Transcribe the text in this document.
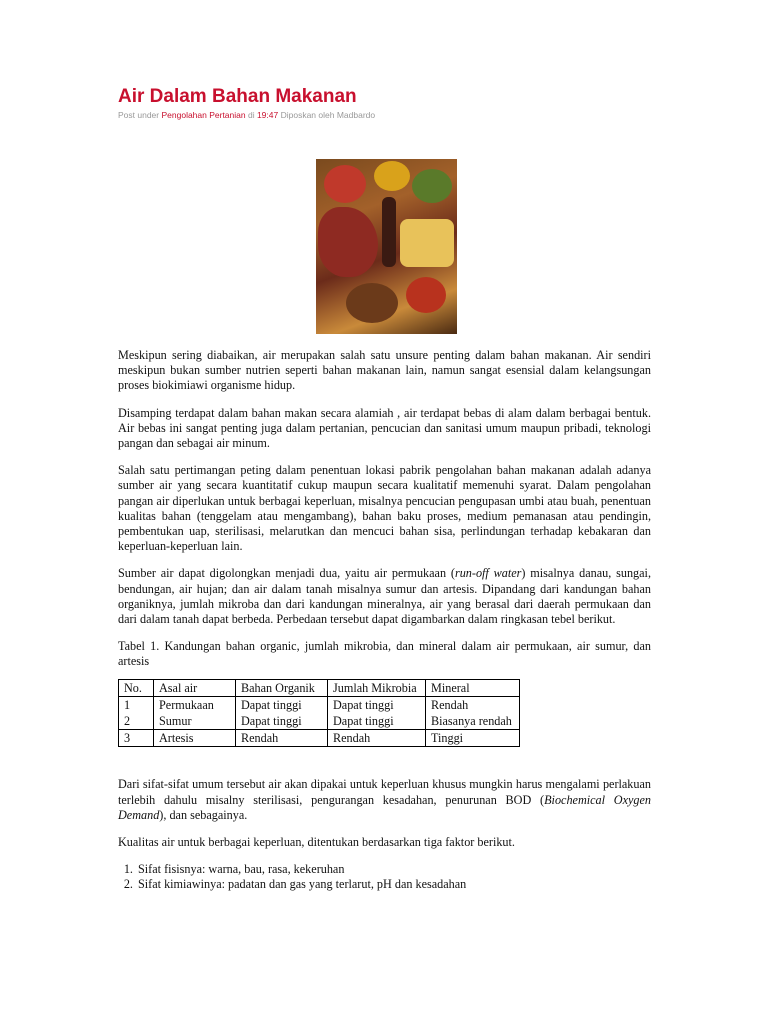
Air Dalam Bahan Makanan
Post under Pengolahan Pertanian di 19:47 Diposkan oleh Madbardo

Meskipun sering diabaikan, air merupakan salah satu unsure penting dalam bahan makanan. Air sendiri meskipun bukan sumber nutrien seperti bahan makanan lain, namun sangat esensial dalam kelangsungan proses biokimiawi organisme hidup.

Disamping terdapat dalam bahan makan secara alamiah , air terdapat bebas di alam dalam berbagai bentuk. Air bebas ini sangat penting juga dalam pertanian, pencucian dan sanitasi umum maupun pribadi, teknologi pangan dan sebagai air minum.

Salah satu pertimangan peting dalam penentuan lokasi pabrik pengolahan bahan makanan adalah adanya sumber air yang secara kuantitatif cukup maupun secara kualitatif memenuhi syarat. Dalam pengolahan pangan air diperlukan untuk berbagai keperluan, misalnya pencucian pengupasan umbi atau buah, penentuan kualitas bahan (tenggelam atau mengambang), bahan baku proses, medium pemanasan atau pendingin, pembentukan uap, sterilisasi, melarutkan dan mencuci bahan sisa, perlindungan terhadap kebakaran dan keperluan-keperluan lain.

Sumber air dapat digolongkan menjadi dua, yaitu air permukaan (run-off water) misalnya danau, sungai, bendungan, air hujan; dan air dalam tanah misalnya sumur dan artesis. Dipandang dari kandungan bahan organiknya, jumlah mikroba dan dari kandungan mineralnya, air yang berasal dari daerah permukaan dan dari dalam tanah dapat berbeda. Perbedaan tersebut dapat digambarkan dalam ringkasan tebel berikut.

Tabel 1. Kandungan bahan organic, jumlah mikrobia, dan mineral dalam air permukaan, air sumur, dan artesis

No.	Asal air	Bahan Organik	Jumlah Mikrobia	Mineral
1	Permukaan	Dapat tinggi	Dapat tinggi	Rendah
2	Sumur	Dapat tinggi	Dapat tinggi	Biasanya rendah
3	Artesis	Rendah	Rendah	Tinggi

Dari sifat-sifat umum tersebut air akan dipakai untuk keperluan khusus mungkin harus mengalami perlakuan terlebih dahulu misalny sterilisasi, pengurangan kesadahan, penurunan BOD (Biochemical Oxygen Demand), dan sebagainya.

Kualitas air untuk berbagai keperluan, ditentukan berdasarkan tiga faktor berikut.

1. Sifat fisisnya: warna, bau, rasa, kekeruhan
2. Sifat kimiawinya: padatan dan gas yang terlarut, pH dan kesadahan
